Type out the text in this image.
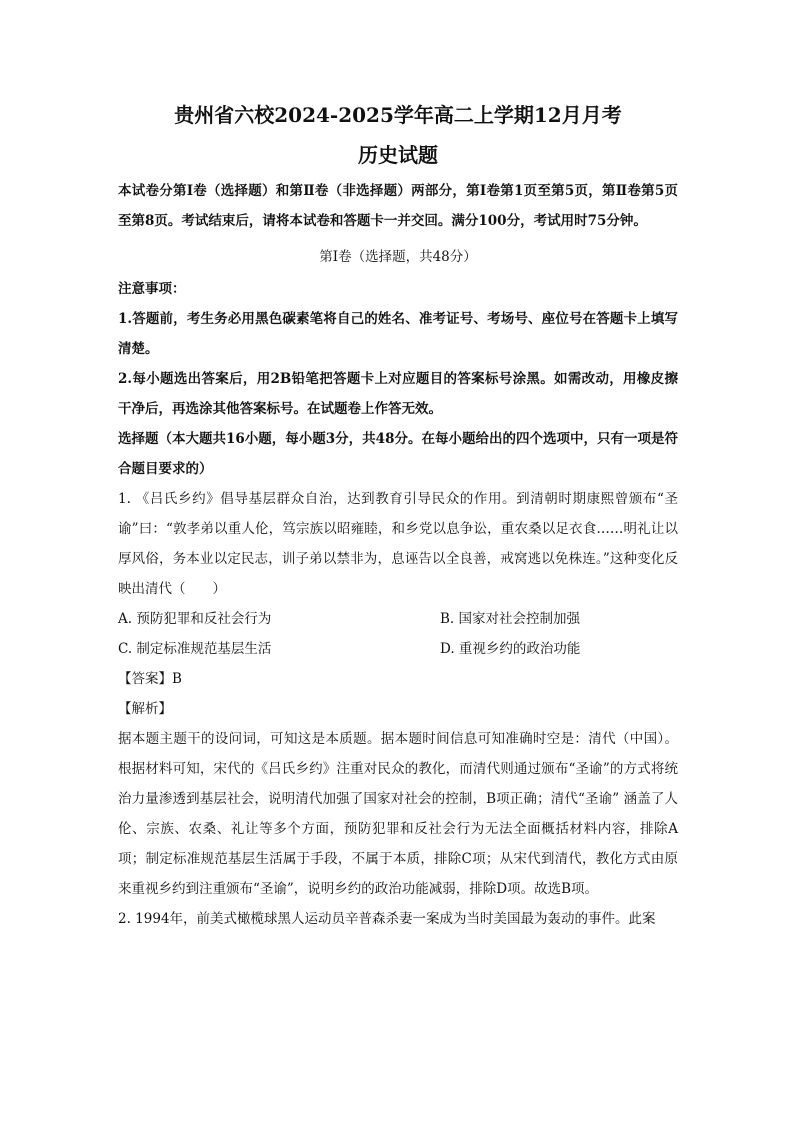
贵州省六校2024-2025学年高二上学期12月月考
历史试题

本试卷分第Ⅰ卷（选择题）和第Ⅱ卷（非选择题）两部分，第Ⅰ卷第1页至第5页，第Ⅱ卷第5页至第8页。考试结束后，请将本试卷和答题卡一并交回。满分100分，考试用时75分钟。

第Ⅰ卷（选择题，共48分）

注意事项：

1.答题前，考生务必用黑色碳素笔将自己的姓名、准考证号、考场号、座位号在答题卡上填写清楚。

2.每小题选出答案后，用2B铅笔把答题卡上对应题目的答案标号涂黑。如需改动，用橡皮擦干净后，再选涂其他答案标号。在试题卷上作答无效。

选择题（本大题共16小题，每小题3分，共48分。在每小题给出的四个选项中，只有一项是符合题目要求的）

1. 《吕氏乡约》倡导基层群众自治，达到教育引导民众的作用。到清朝时期康熙曾颁布“圣谕”曰：“敦孝弟以重人伦，笃宗族以昭雍睦，和乡党以息争讼，重农桑以足衣食……明礼让以厚风俗，务本业以定民志，训子弟以禁非为，息诬告以全良善，戒窝逃以免株连。”这种变化反映出清代（　　）

A. 预防犯罪和反社会行为	B. 国家对社会控制加强
C. 制定标准规范基层生活	D. 重视乡约的政治功能

【答案】B

【解析】

据本题主题干的设问词，可知这是本质题。据本题时间信息可知准确时空是：清代（中国）。根据材料可知，宋代的《吕氏乡约》注重对民众的教化，而清代则通过颁布“圣谕”的方式将统治力量渗透到基层社会，说明清代加强了国家对社会的控制，B项正确；清代“圣谕” 涵盖了人伦、宗族、农桑、礼让等多个方面，预防犯罪和反社会行为无法全面概括材料内容，排除A项；制定标准规范基层生活属于手段，不属于本质，排除C项；从宋代到清代，教化方式由原来重视乡约到注重颁布“圣谕”，说明乡约的政治功能减弱，排除D项。故选B项。

2. 1994年，前美式橄榄球黑人运动员辛普森杀妻一案成为当时美国最为轰动的事件。此案
